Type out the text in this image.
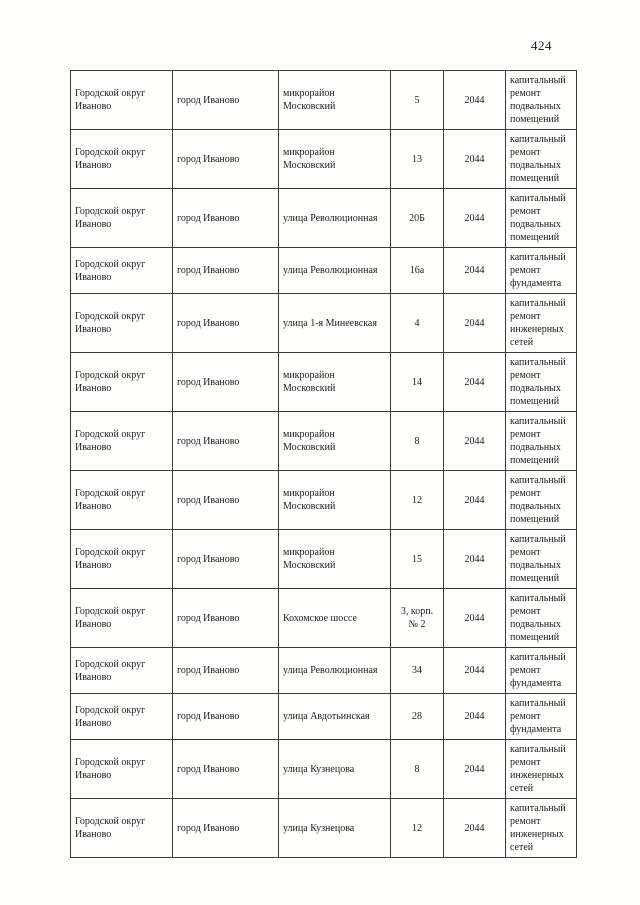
424
Городской округ Иваново	город Иваново	микрорайон Московский	5	2044	капитальный ремонт подвальных помещений
Городской округ Иваново	город Иваново	микрорайон Московский	13	2044	капитальный ремонт подвальных помещений
Городской округ Иваново	город Иваново	улица Революционная	20Б	2044	капитальный ремонт подвальных помещений
Городской округ Иваново	город Иваново	улица Революционная	16а	2044	капитальный ремонт фундамента
Городской округ Иваново	город Иваново	улица 1-я Минеевская	4	2044	капитальный ремонт инженерных сетей
Городской округ Иваново	город Иваново	микрорайон Московский	14	2044	капитальный ремонт подвальных помещений
Городской округ Иваново	город Иваново	микрорайон Московский	8	2044	капитальный ремонт подвальных помещений
Городской округ Иваново	город Иваново	микрорайон Московский	12	2044	капитальный ремонт подвальных помещений
Городской округ Иваново	город Иваново	микрорайон Московский	15	2044	капитальный ремонт подвальных помещений
Городской округ Иваново	город Иваново	Кохомское шоссе	3, корп. № 2	2044	капитальный ремонт подвальных помещений
Городской округ Иваново	город Иваново	улица Революционная	34	2044	капитальный ремонт фундамента
Городской округ Иваново	город Иваново	улица Авдотьинская	28	2044	капитальный ремонт фундамента
Городской округ Иваново	город Иваново	улица Кузнецова	8	2044	капитальный ремонт инженерных сетей
Городской округ Иваново	город Иваново	улица Кузнецова	12	2044	капитальный ремонт инженерных сетей
